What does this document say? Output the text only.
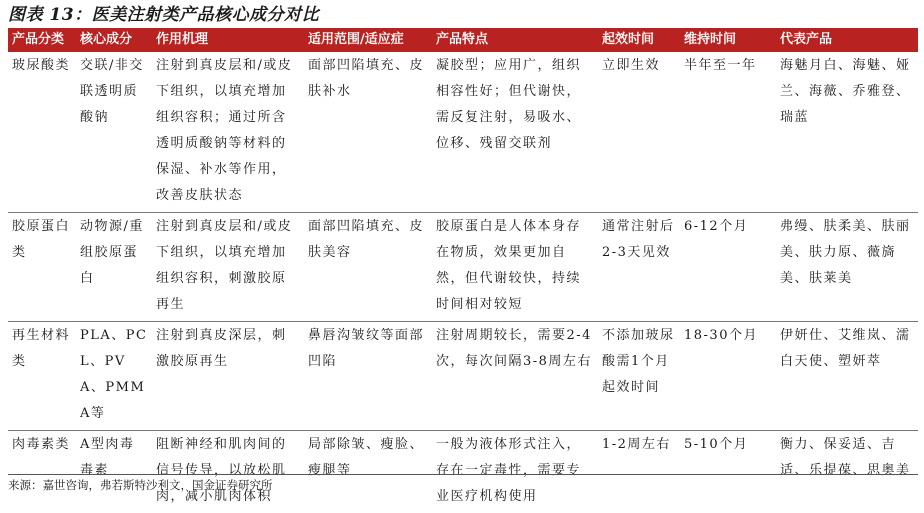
图表 13：医美注射类产品核心成分对比
产品分类	核心成分	作用机理	适用范围/适应症	产品特点	起效时间	维持时间	代表产品
玻尿酸类	交联/非交联透明质酸钠	注射到真皮层和/或皮下组织，以填充增加组织容积；通过所含透明质酸钠等材料的保湿、补水等作用，改善皮肤状态	面部凹陷填充、皮肤补水	凝胶型；应用广，组织相容性好；但代谢快，需反复注射，易吸水、位移、残留交联剂	立即生效	半年至一年	海魅月白、海魅、娅兰、海薇、乔雅登、瑞蓝
胶原蛋白类	动物源/重组胶原蛋白	注射到真皮层和/或皮下组织，以填充增加组织容积，刺激胶原再生	面部凹陷填充、皮肤美容	胶原蛋白是人体本身存在物质，效果更加自然，但代谢较快，持续时间相对较短	通常注射后2-3天见效	6-12个月	弗缦、肤柔美、肤丽美、肤力原、薇旖美、肤莱美
再生材料类	PLA、PCL、PVA、PMMA等	注射到真皮深层，刺激胶原再生	鼻唇沟皱纹等面部凹陷	注射周期较长，需要2-4次，每次间隔3-8周左右	不添加玻尿酸需1个月起效时间	18-30个月	伊妍仕、艾维岚、濡白天使、塑妍萃
肉毒素类	A型肉毒毒素	阻断神经和肌肉间的信号传导，以放松肌肉，减小肌肉体积	局部除皱、瘦脸、瘦腿等	一般为液体形式注入，存在一定毒性，需要专业医疗机构使用	1-2周左右	5-10个月	衡力、保妥适、吉适、乐提葆、思奥美
来源：嘉世咨询，弗若斯特沙利文，国金证券研究所
